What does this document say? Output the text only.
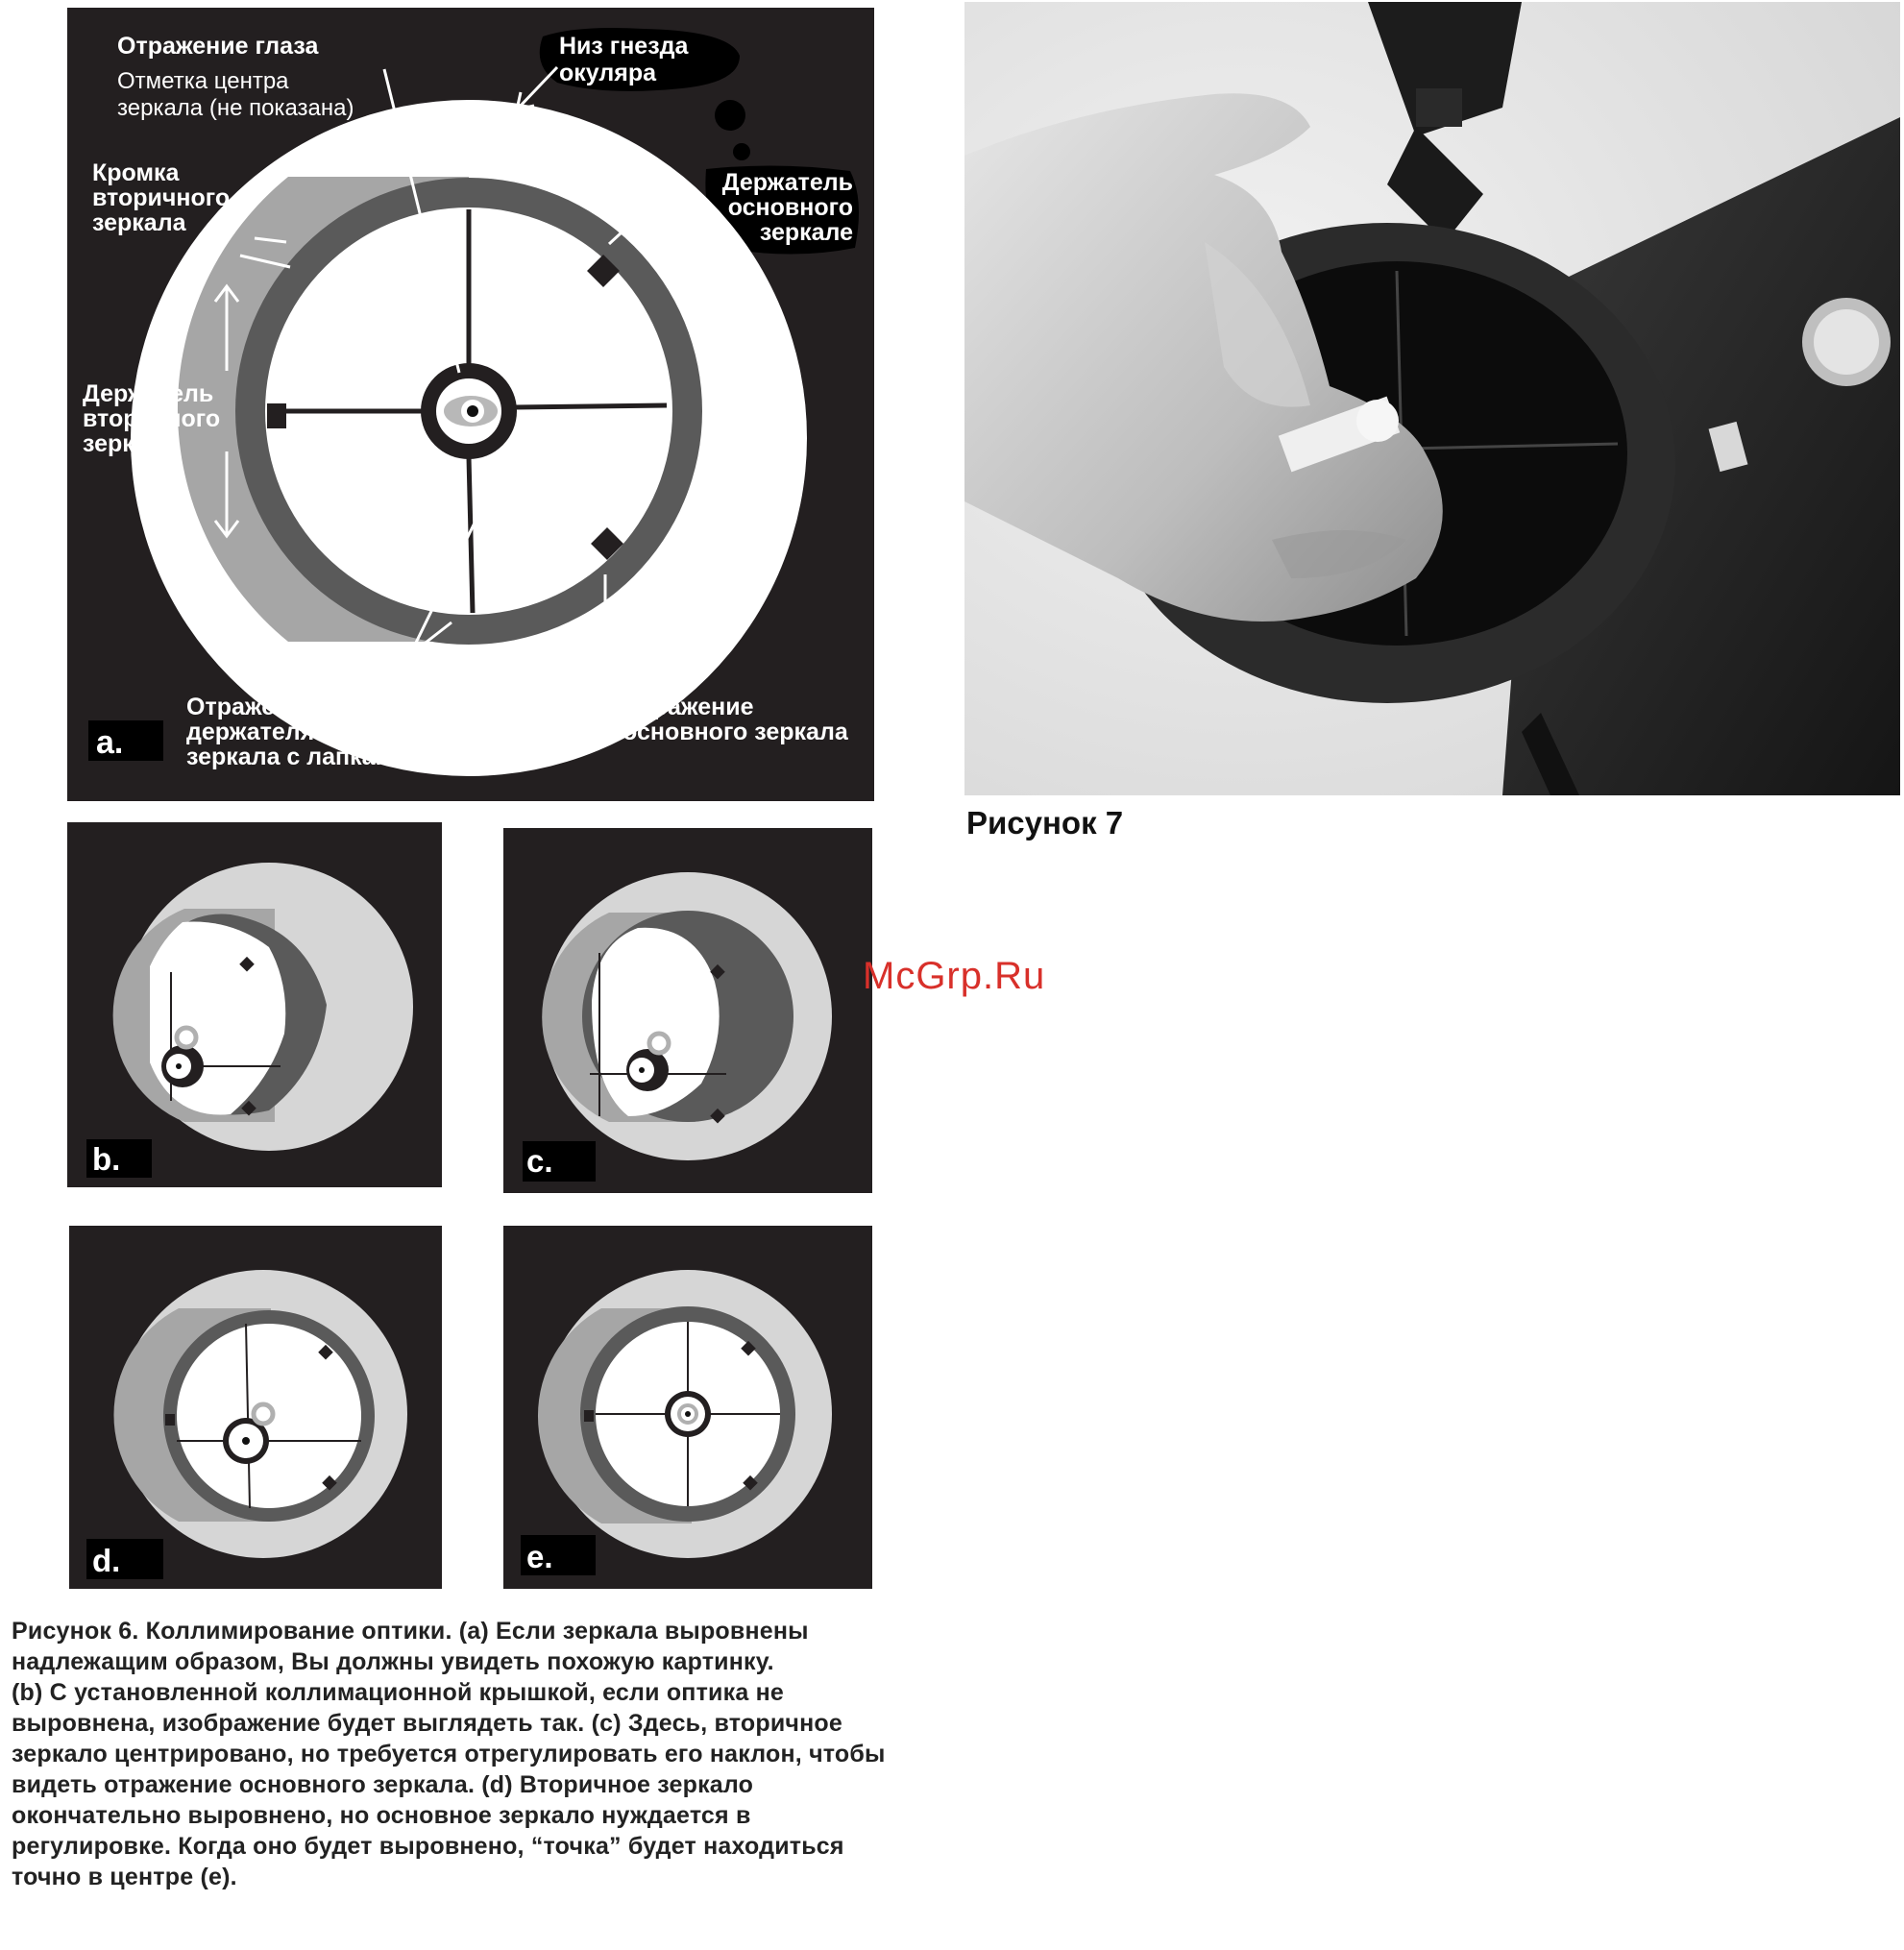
Отражение глаза
Отметка центра
зеркала (не показана)
Низ гнезда
окуляра
Кромка
вторичного
зеркала
Держатель
основного
зеркале
Держатель
вторичного
зеркала
Отражение
держателя вторичного
зеркала с лапками
Отражение
основного зеркала
a.
b.	c.
d.	e.
Рисунок 7
McGrp.Ru
Рисунок 6. Коллимирование оптики. (a) Если зеркала выровнены
надлежащим образом, Вы должны увидеть похожую картинку.
(b) С установленной коллимационной крышкой, если оптика не
выровнена, изображение будет выглядеть так. (c) Здесь, вторичное
зеркало центрировано, но требуется отрегулировать его наклон, чтобы
видеть отражение основного зеркала. (d) Вторичное зеркало
окончательно выровнено, но основное зеркало нуждается в
регулировке. Когда оно будет выровнено, “точка” будет находиться
точно в центре (e).
